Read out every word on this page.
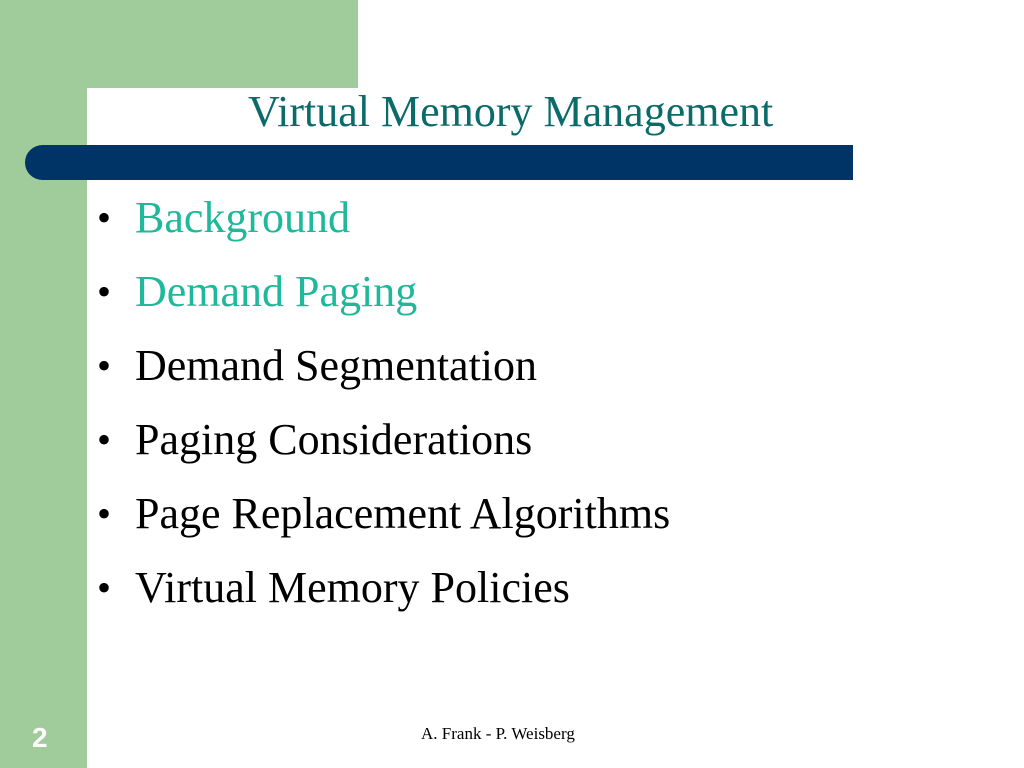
Virtual Memory Management
• Background
• Demand Paging
• Demand Segmentation
• Paging Considerations
• Page Replacement Algorithms
• Virtual Memory Policies
2	A. Frank - P. Weisberg
